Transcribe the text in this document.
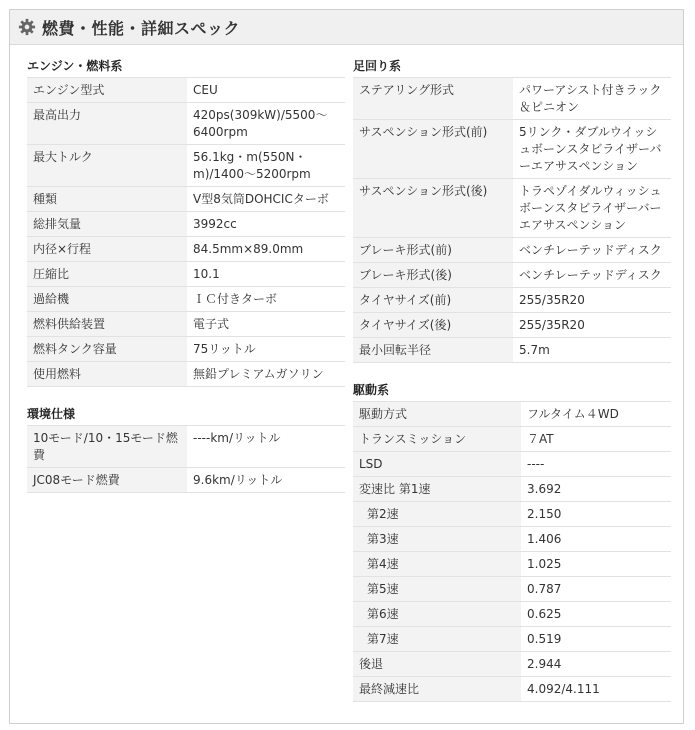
燃費・性能・詳細スペック
エンジン・燃料系
エンジン型式	CEU
最高出力	420ps(309kW)/5500～6400rpm
最大トルク	56.1kg・m(550N・m)/1400～5200rpm
種類	V型8気筒DOHCICターボ
総排気量	3992cc
内径×行程	84.5mm×89.0mm
圧縮比	10.1
過給機	ＩＣ付きターボ
燃料供給装置	電子式
燃料タンク容量	75リットル
使用燃料	無鉛プレミアムガソリン
環境仕様
10モード/10・15モード燃費	----km/リットル
JC08モード燃費	9.6km/リットル
足回り系
ステアリング形式	パワーアシスト付きラック＆ピニオン
サスペンション形式(前)	5リンク・ダブルウイッシュボーンスタビライザーバーエアサスペンション
サスペンション形式(後)	トラペゾイダルウィッシュボーンスタビライザーバーエアサスペンション
ブレーキ形式(前)	ベンチレーテッドディスク
ブレーキ形式(後)	ベンチレーテッドディスク
タイヤサイズ(前)	255/35R20
タイヤサイズ(後)	255/35R20
最小回転半径	5.7m
駆動系
駆動方式	フルタイム４WD
トランスミッション	７AT
LSD	----
変速比 第1速	3.692
第2速	2.150
第3速	1.406
第4速	1.025
第5速	0.787
第6速	0.625
第7速	0.519
後退	2.944
最終減速比	4.092/4.111
